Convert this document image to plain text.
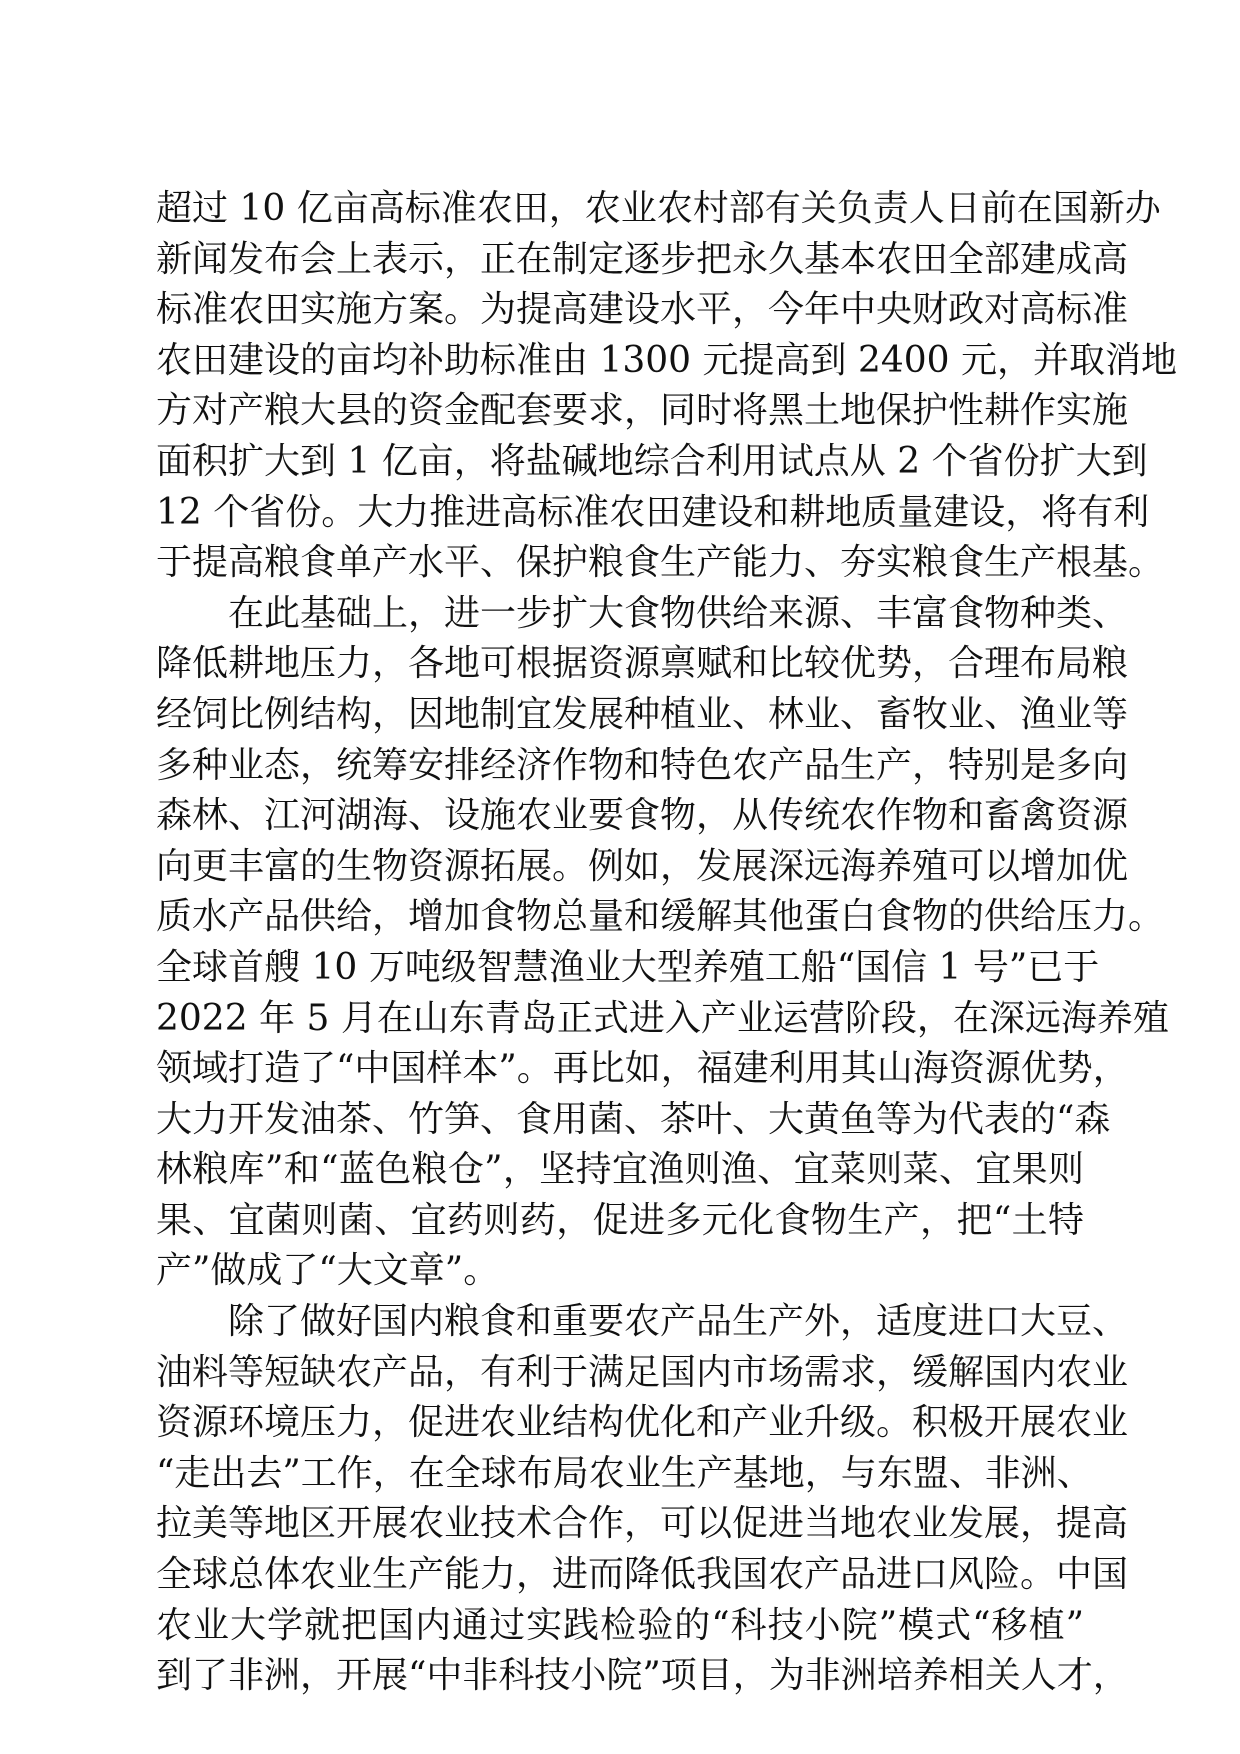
超过 10 亿亩高标准农田，农业农村部有关负责人日前在国新办
新闻发布会上表示，正在制定逐步把永久基本农田全部建成高
标准农田实施方案。为提高建设水平，今年中央财政对高标准
农田建设的亩均补助标准由 1300 元提高到 2400 元，并取消地
方对产粮大县的资金配套要求，同时将黑土地保护性耕作实施
面积扩大到 1 亿亩，将盐碱地综合利用试点从 2 个省份扩大到
12 个省份。大力推进高标准农田建设和耕地质量建设，将有利
于提高粮食单产水平、保护粮食生产能力、夯实粮食生产根基。
　　在此基础上，进一步扩大食物供给来源、丰富食物种类、
降低耕地压力，各地可根据资源禀赋和比较优势，合理布局粮
经饲比例结构，因地制宜发展种植业、林业、畜牧业、渔业等
多种业态，统筹安排经济作物和特色农产品生产，特别是多向
森林、江河湖海、设施农业要食物，从传统农作物和畜禽资源
向更丰富的生物资源拓展。例如，发展深远海养殖可以增加优
质水产品供给，增加食物总量和缓解其他蛋白食物的供给压力。
全球首艘 10 万吨级智慧渔业大型养殖工船“国信 1 号”已于
2022 年 5 月在山东青岛正式进入产业运营阶段，在深远海养殖
领域打造了“中国样本”。再比如，福建利用其山海资源优势，
大力开发油茶、竹笋、食用菌、茶叶、大黄鱼等为代表的“森
林粮库”和“蓝色粮仓”，坚持宜渔则渔、宜菜则菜、宜果则
果、宜菌则菌、宜药则药，促进多元化食物生产，把“土特
产”做成了“大文章”。
　　除了做好国内粮食和重要农产品生产外，适度进口大豆、
油料等短缺农产品，有利于满足国内市场需求，缓解国内农业
资源环境压力，促进农业结构优化和产业升级。积极开展农业
“走出去”工作，在全球布局农业生产基地，与东盟、非洲、
拉美等地区开展农业技术合作，可以促进当地农业发展，提高
全球总体农业生产能力，进而降低我国农产品进口风险。中国
农业大学就把国内通过实践检验的“科技小院”模式“移植”
到了非洲，开展“中非科技小院”项目，为非洲培养相关人才，
